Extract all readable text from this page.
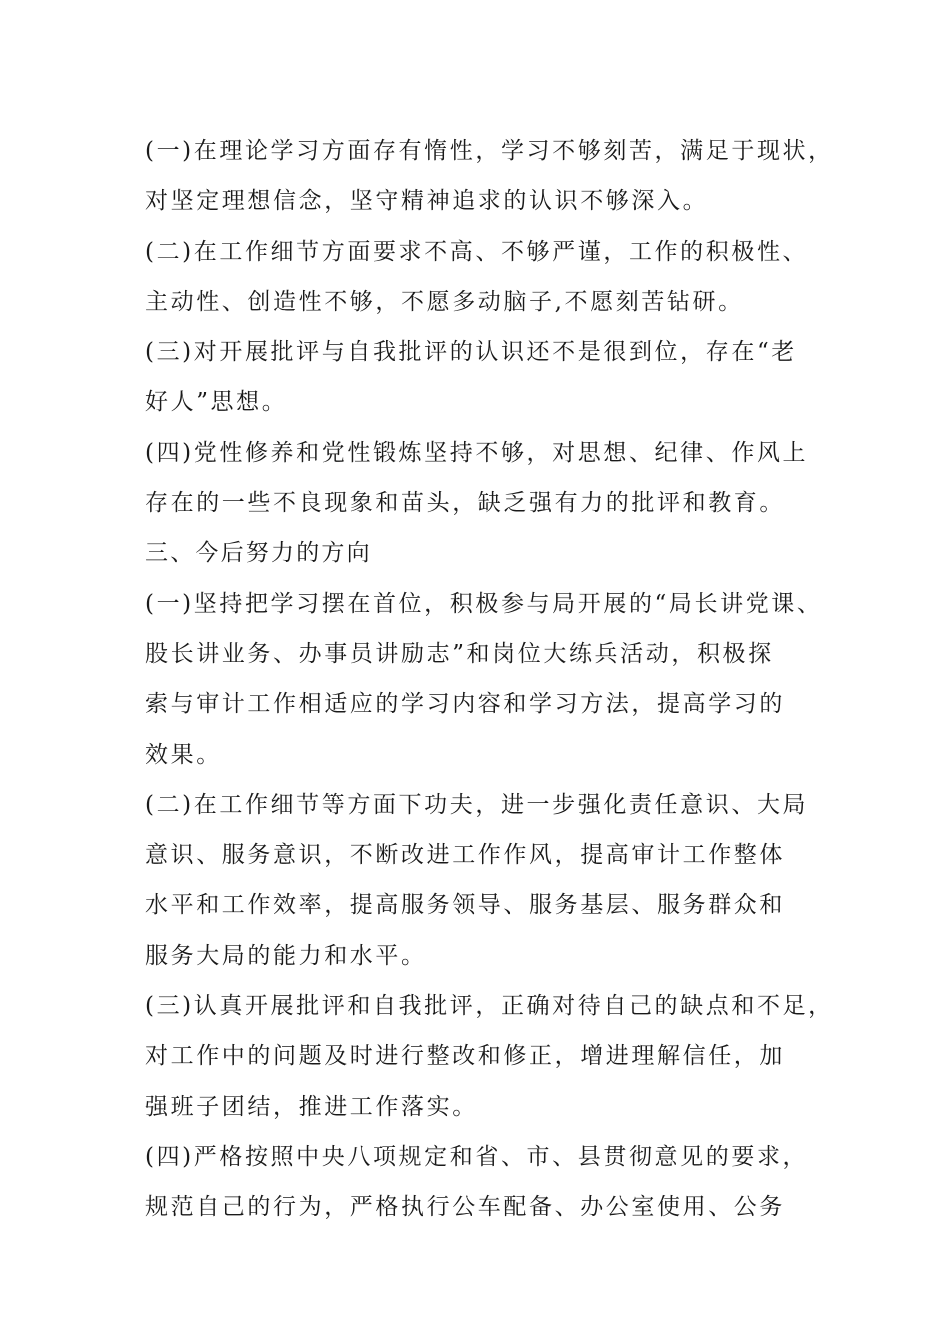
(一)在理论学习方面存有惰性，学习不够刻苦，满足于现状，
对坚定理想信念，坚守精神追求的认识不够深入。
(二)在工作细节方面要求不高、不够严谨，工作的积极性、
主动性、创造性不够，不愿多动脑子,不愿刻苦钻研。
(三)对开展批评与自我批评的认识还不是很到位，存在“老
好人”思想。
(四)党性修养和党性锻炼坚持不够，对思想、纪律、作风上
存在的一些不良现象和苗头，缺乏强有力的批评和教育。
三、今后努力的方向
(一)坚持把学习摆在首位，积极参与局开展的“局长讲党课、
股长讲业务、办事员讲励志”和岗位大练兵活动，积极探
索与审计工作相适应的学习内容和学习方法，提高学习的
效果。
(二)在工作细节等方面下功夫，进一步强化责任意识、大局
意识、服务意识，不断改进工作作风，提高审计工作整体
水平和工作效率，提高服务领导、服务基层、服务群众和
服务大局的能力和水平。
(三)认真开展批评和自我批评，正确对待自己的缺点和不足，
对工作中的问题及时进行整改和修正，增进理解信任，加
强班子团结，推进工作落实。
(四)严格按照中央八项规定和省、市、县贯彻意见的要求，
规范自己的行为，严格执行公车配备、办公室使用、公务
